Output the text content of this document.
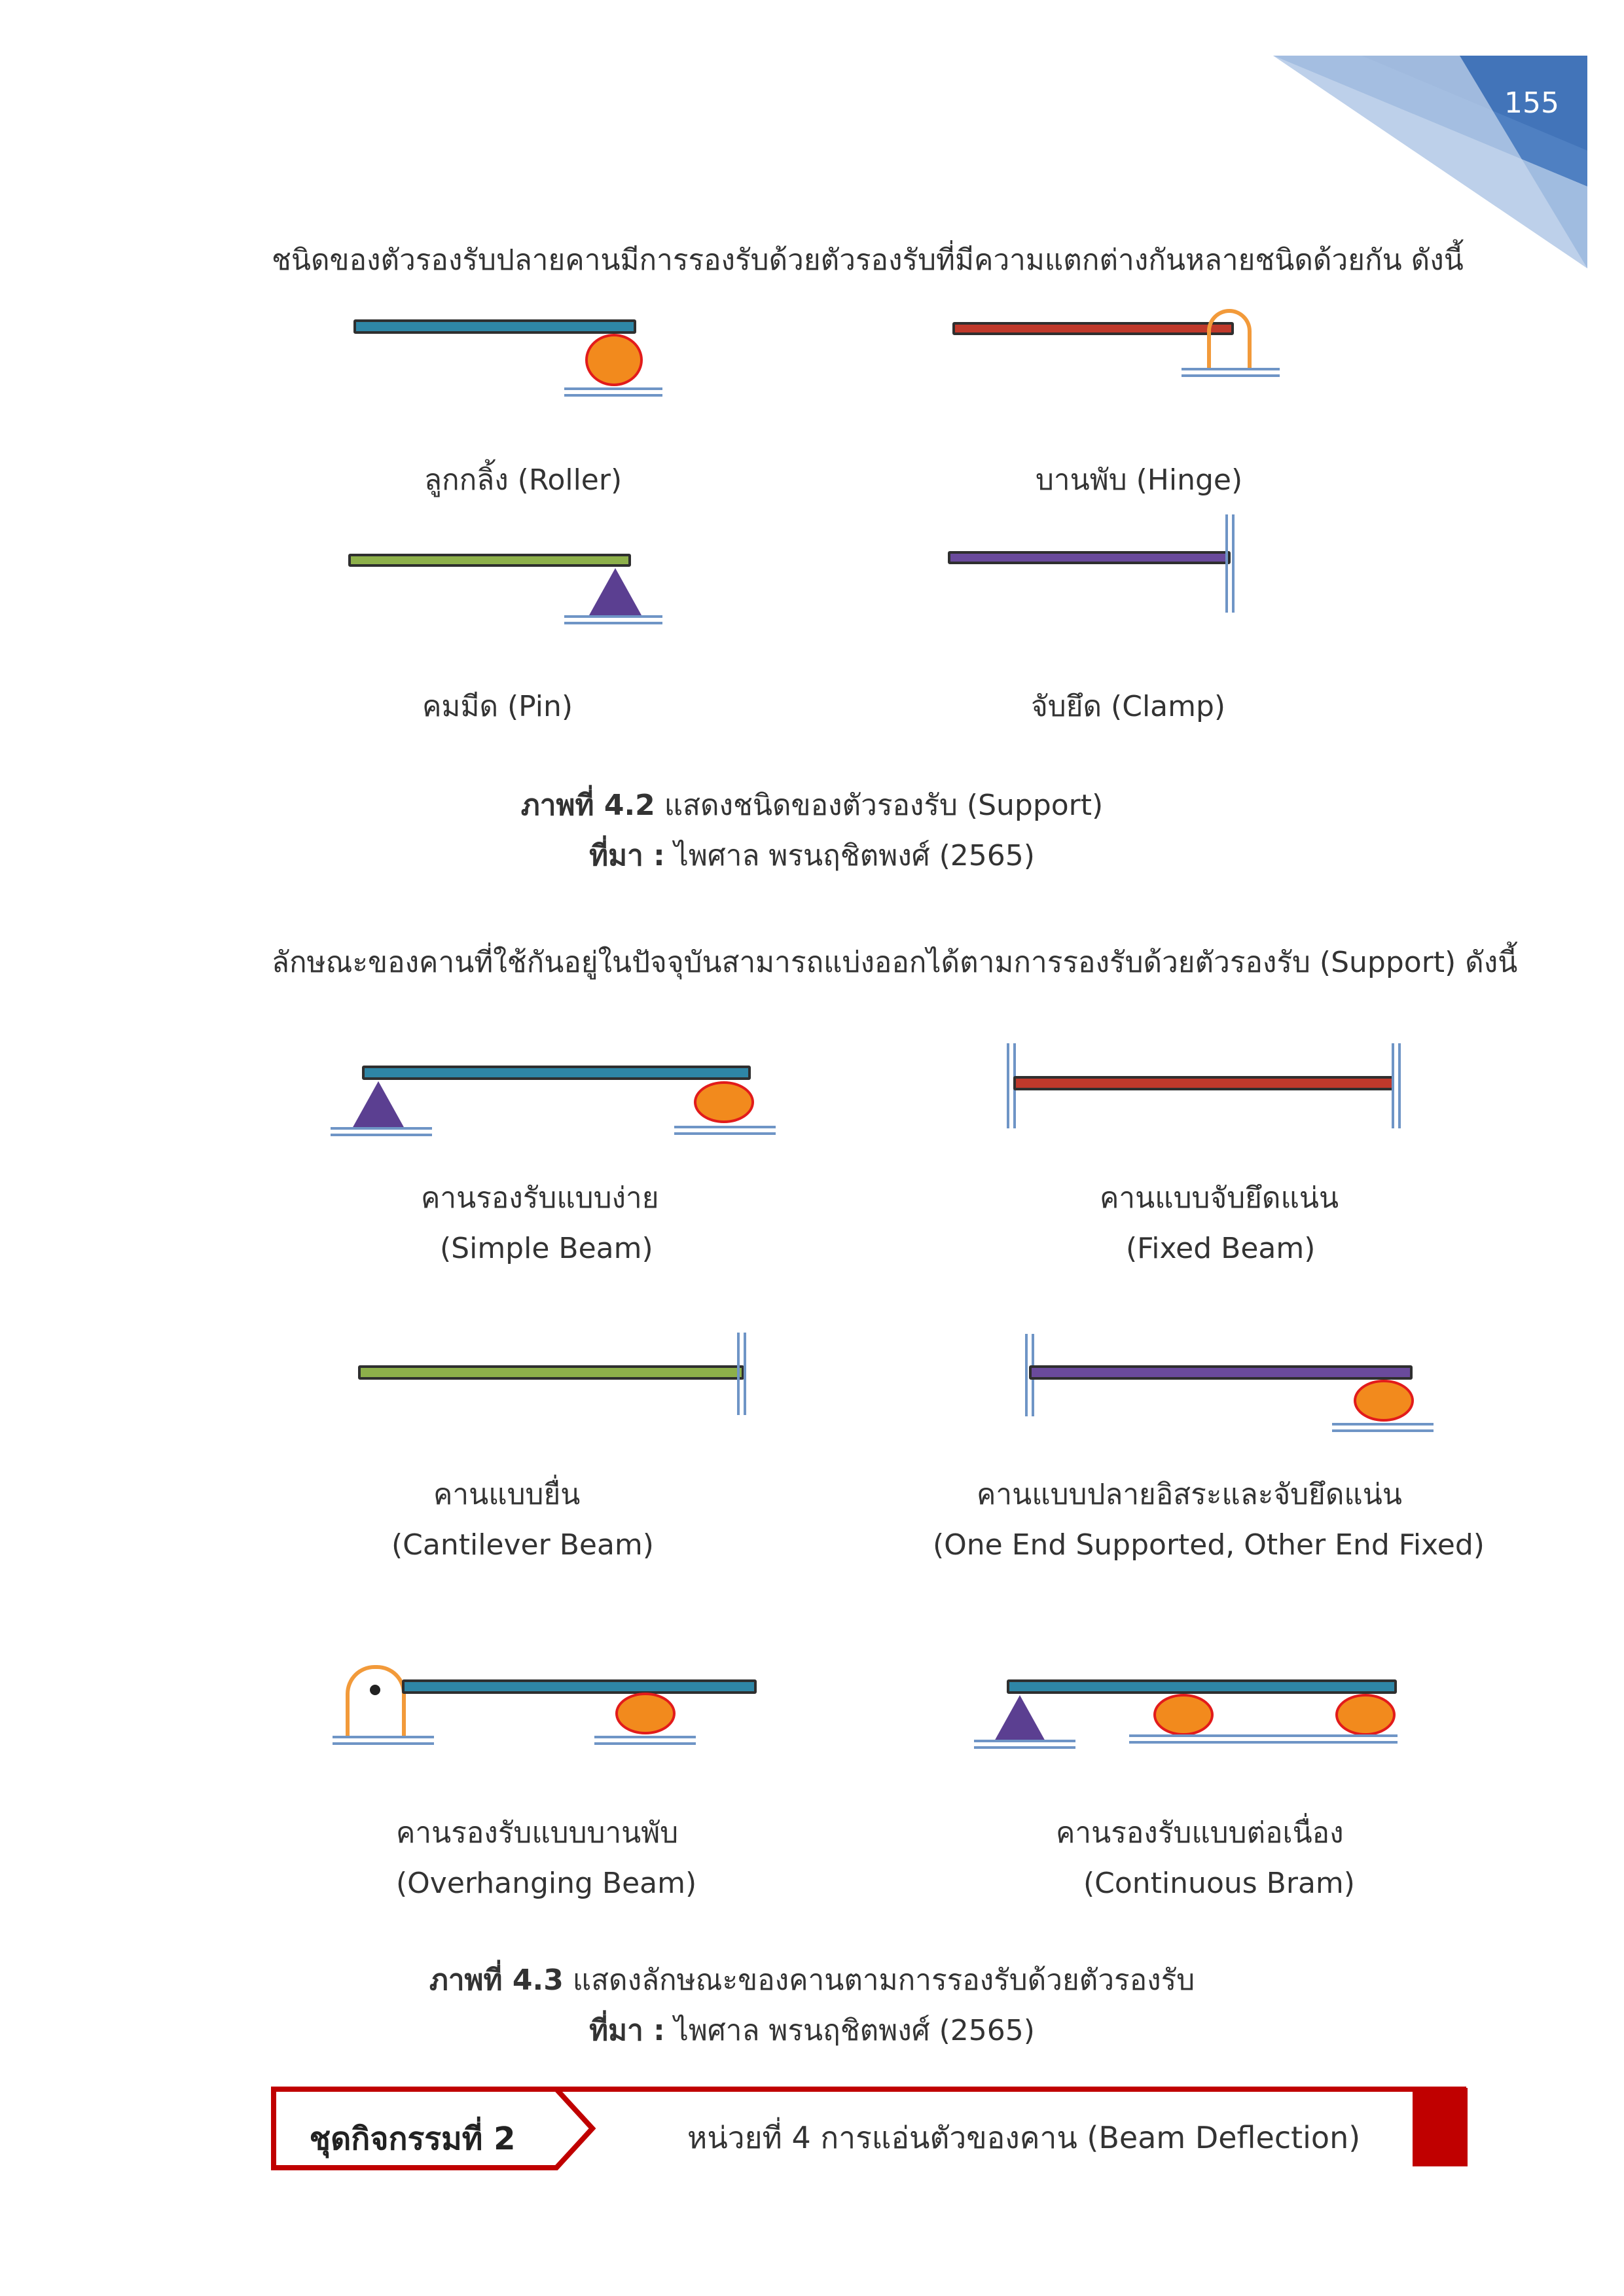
155
ชนิดของตัวรองรับปลายคานมีการรองรับด้วยตัวรองรับที่มีความแตกต่างกันหลายชนิดด้วยกัน ดังนี้
ลูกกลิ้ง (Roller)	บานพับ (Hinge)
คมมีด (Pin)	จับยึด (Clamp)
ภาพที่ 4.2 แสดงชนิดของตัวรองรับ (Support)
ที่มา : ไพศาล พรนฤชิตพงศ์ (2565)
ลักษณะของคานที่ใช้กันอยู่ในปัจจุบันสามารถแบ่งออกได้ตามการรองรับด้วยตัวรองรับ (Support) ดังนี้
คานรองรับแบบง่าย
(Simple Beam)
คานแบบจับยึดแน่น
(Fixed Beam)
คานแบบยื่น
(Cantilever Beam)
คานแบบปลายอิสระและจับยึดแน่น
(One End Supported, Other End Fixed)
คานรองรับแบบบานพับ
(Overhanging Beam)
คานรองรับแบบต่อเนื่อง
(Continuous Bram)
ภาพที่ 4.3 แสดงลักษณะของคานตามการรองรับด้วยตัวรองรับ
ที่มา : ไพศาล พรนฤชิตพงศ์ (2565)
ชุดกิจกรรมที่ 2	หน่วยที่ 4 การแอ่นตัวของคาน (Beam Deflection)
